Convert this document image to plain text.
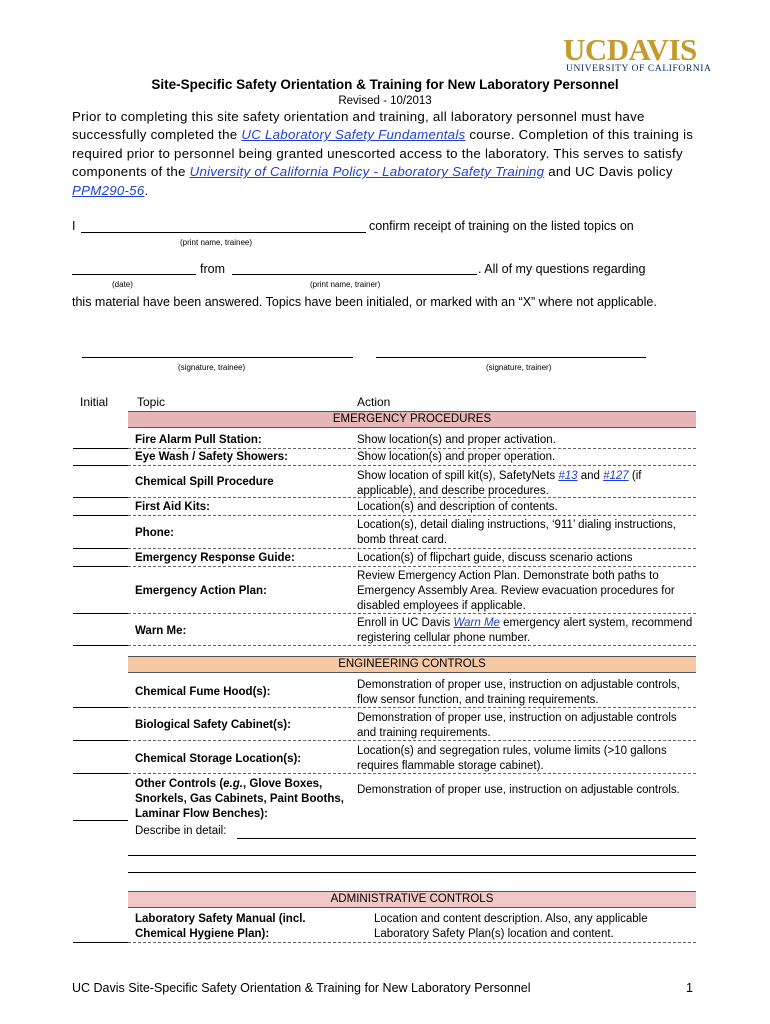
UCDAVIS
UNIVERSITY OF CALIFORNIA
Site-Specific Safety Orientation & Training for New Laboratory Personnel
Revised - 10/2013
Prior to completing this site safety orientation and training, all laboratory personnel must have successfully completed the UC Laboratory Safety Fundamentals course. Completion of this training is required prior to personnel being granted unescorted access to the laboratory. This serves to satisfy components of the University of California Policy - Laboratory Safety Training and UC Davis policy PPM290-56.
I	confirm receipt of training on the listed topics on
(print name, trainee)
from	. All of my questions regarding
(date)	(print name, trainer)
this material have been answered. Topics have been initialed, or marked with an “X” where not applicable.
(signature, trainee)	(signature, trainer)
Initial Topic	Action
EMERGENCY PROCEDURES
Fire Alarm Pull Station:	Show location(s) and proper activation.
Eye Wash / Safety Showers:	Show location(s) and proper operation.
Chemical Spill Procedure	Show location of spill kit(s), SafetyNets #13 and #127 (if applicable), and describe procedures.
First Aid Kits:	Location(s) and description of contents.
Phone:
Location(s), detail dialing instructions, ‘911’ dialing instructions, bomb threat card.
Emergency Response Guide:	Location(s) of flipchart guide, discuss scenario actions
Emergency Action Plan:
Review Emergency Action Plan. Demonstrate both paths to Emergency Assembly Area. Review evacuation procedures for disabled employees if applicable.
Warn Me:
Enroll in UC Davis Warn Me emergency alert system, recommend registering cellular phone number.
ENGINEERING CONTROLS
Chemical Fume Hood(s):
Demonstration of proper use, instruction on adjustable controls, flow sensor function, and training requirements.
Biological Safety Cabinet(s):
Demonstration of proper use, instruction on adjustable controls and training requirements.
Chemical Storage Location(s):
Location(s) and segregation rules, volume limits (>10 gallons requires flammable storage cabinet).
Other Controls (e.g., Glove Boxes, Snorkels, Gas Cabinets, Paint Booths, Laminar Flow Benches):
Demonstration of proper use, instruction on adjustable controls.
Describe in detail:
ADMINISTRATIVE CONTROLS
Laboratory Safety Manual (incl. Chemical Hygiene Plan):
Location and content description. Also, any applicable Laboratory Safety Plan(s) location and content.
UC Davis Site-Specific Safety Orientation & Training for New Laboratory Personnel	1
